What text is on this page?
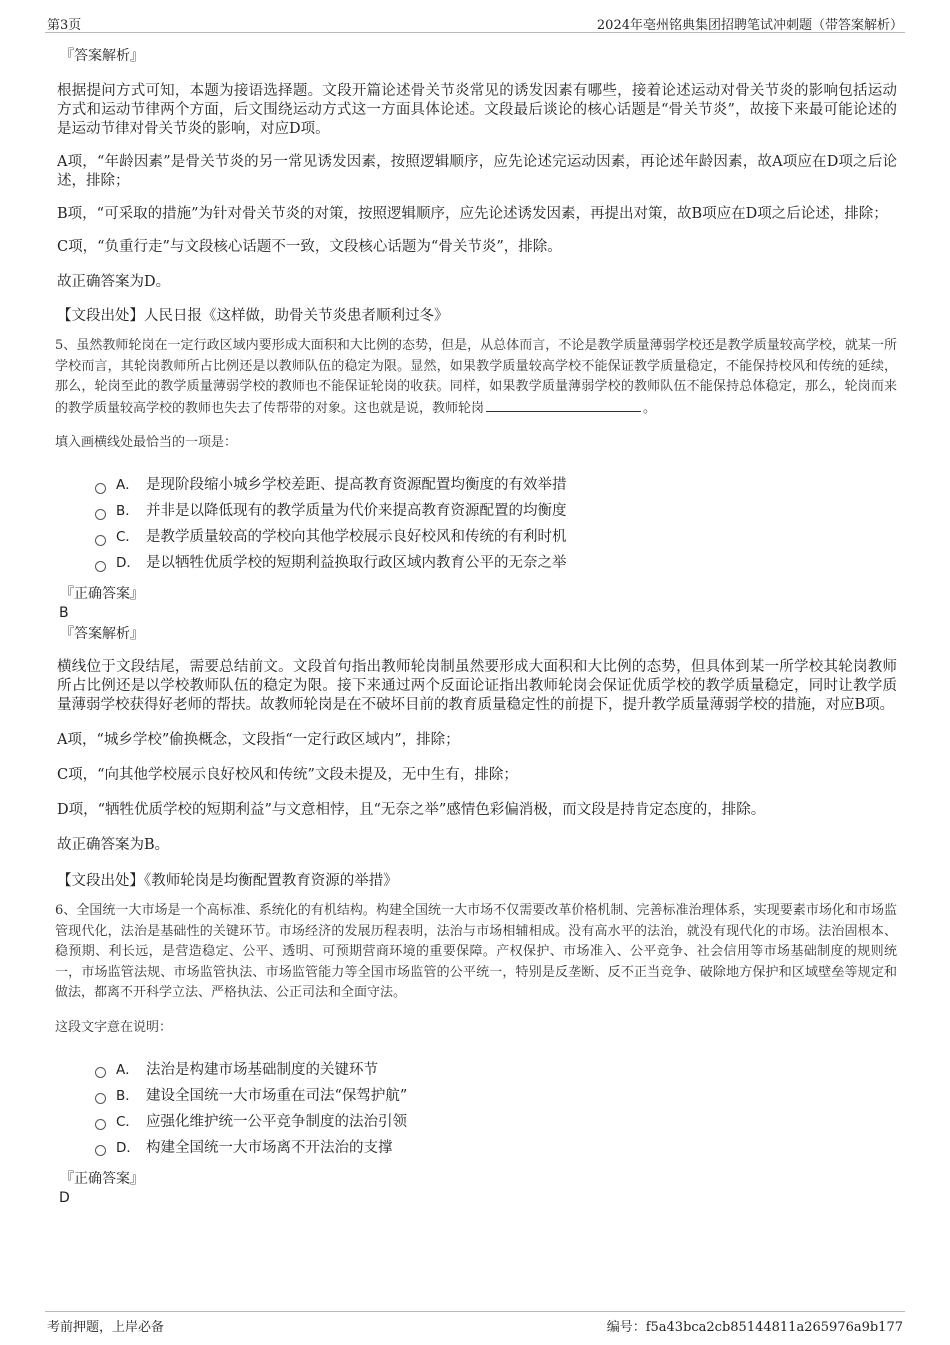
第3页	2024年亳州铭典集团招聘笔试冲刺题（带答案解析）
『答案解析』

根据提问方式可知，本题为接语选择题。文段开篇论述骨关节炎常见的诱发因素有哪些，接着论述运动对骨关节炎的影响包括运动方式和运动节律两个方面，后文围绕运动方式这一方面具体论述。文段最后谈论的核心话题是“骨关节炎”，故接下来最可能论述的是运动节律对骨关节炎的影响，对应D项。

A项，“年龄因素”是骨关节炎的另一常见诱发因素，按照逻辑顺序，应先论述完运动因素，再论述年龄因素，故A项应在D项之后论述，排除；

B项，“可采取的措施”为针对骨关节炎的对策，按照逻辑顺序，应先论述诱发因素，再提出对策，故B项应在D项之后论述，排除；

C项，“负重行走”与文段核心话题不一致，文段核心话题为“骨关节炎”，排除。

故正确答案为D。

【文段出处】人民日报《这样做，助骨关节炎患者顺利过冬》

5、虽然教师轮岗在一定行政区域内要形成大面积和大比例的态势，但是，从总体而言，不论是教学质量薄弱学校还是教学质量较高学校，就某一所学校而言，其轮岗教师所占比例还是以教师队伍的稳定为限。显然，如果教学质量较高学校不能保证教学质量稳定，不能保持校风和传统的延续，那么，轮岗至此的教学质量薄弱学校的教师也不能保证轮岗的收获。同样，如果教学质量薄弱学校的教师队伍不能保持总体稳定，那么，轮岗而来的教学质量较高学校的教师也失去了传帮带的对象。这也就是说，教师轮岗	。

填入画横线处最恰当的一项是：

A． 是现阶段缩小城乡学校差距、提高教育资源配置均衡度的有效举措
B． 并非是以降低现有的教学质量为代价来提高教育资源配置的均衡度
C． 是教学质量较高的学校向其他学校展示良好校风和传统的有利时机
D． 是以牺牲优质学校的短期利益换取行政区域内教育公平的无奈之举
『正确答案』
B
『答案解析』

横线位于文段结尾，需要总结前文。文段首句指出教师轮岗制虽然要形成大面积和大比例的态势，但具体到某一所学校其轮岗教师所占比例还是以学校教师队伍的稳定为限。接下来通过两个反面论证指出教师轮岗会保证优质学校的教学质量稳定，同时让教学质量薄弱学校获得好老师的帮扶。故教师轮岗是在不破坏目前的教育质量稳定性的前提下，提升教学质量薄弱学校的措施，对应B项。

A项，“城乡学校”偷换概念，文段指“一定行政区域内”，排除；

C项，“向其他学校展示良好校风和传统”文段未提及，无中生有，排除；

D项，“牺牲优质学校的短期利益”与文意相悖，且“无奈之举”感情色彩偏消极，而文段是持肯定态度的，排除。

故正确答案为B。

【文段出处】《教师轮岗是均衡配置教育资源的举措》

6、全国统一大市场是一个高标准、系统化的有机结构。构建全国统一大市场不仅需要改革价格机制、完善标准治理体系，实现要素市场化和市场监管现代化，法治是基础性的关键环节。市场经济的发展历程表明，法治与市场相辅相成。没有高水平的法治，就没有现代化的市场。法治固根本、稳预期、利长远，是营造稳定、公平、透明、可预期营商环境的重要保障。产权保护、市场准入、公平竞争、社会信用等市场基础制度的规则统一，市场监管法规、市场监管执法、市场监管能力等全国市场监管的公平统一，特别是反垄断、反不正当竞争、破除地方保护和区域壁垒等规定和做法，都离不开科学立法、严格执法、公正司法和全面守法。

这段文字意在说明：

A． 法治是构建市场基础制度的关键环节
B． 建设全国统一大市场重在司法“保驾护航”
C． 应强化维护统一公平竞争制度的法治引领
D． 构建全国统一大市场离不开法治的支撑
『正确答案』
D
考前押题，上岸必备	编号：f5a43bca2cb85144811a265976a9b177
